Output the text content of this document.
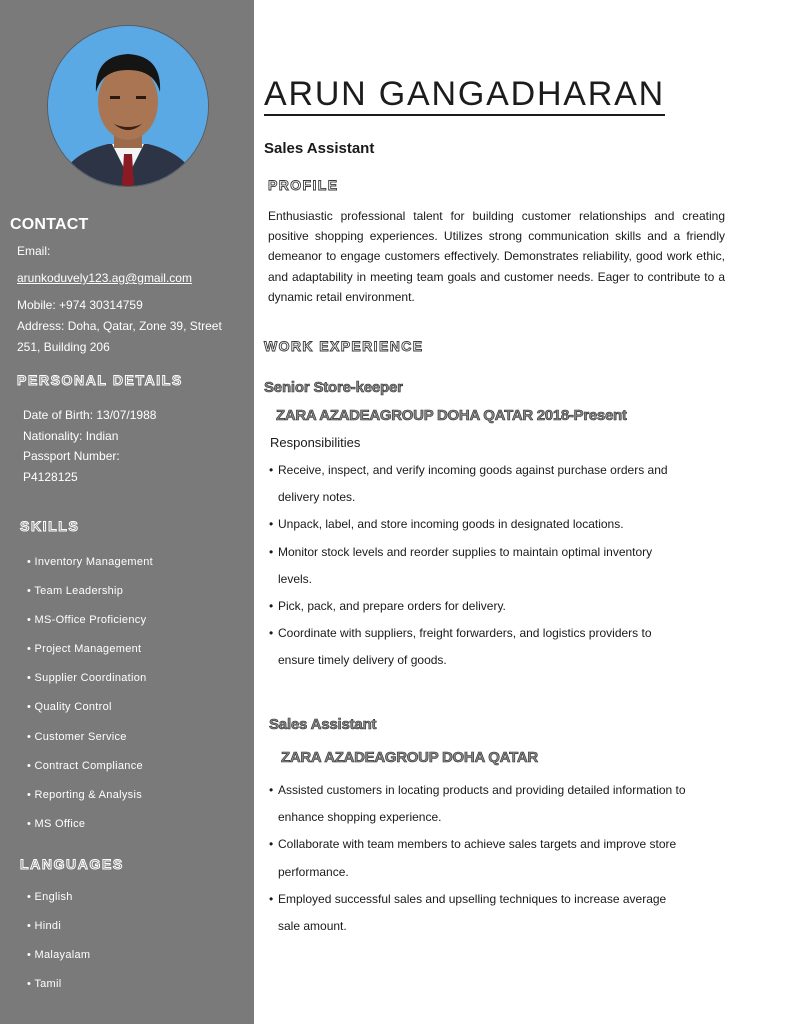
CONTACT
Email:
arunkoduvely123.ag@gmail.com
Mobile: +974 30314759
Address: Doha, Qatar, Zone 39, Street
251, Building 206
PERSONAL DETAILS
Date of Birth: 13/07/1988
Nationality: Indian
Passport Number:
P4128125
SKILLS
• Inventory Management
• Team Leadership
• MS-Office Proficiency
• Project Management
• Supplier Coordination
• Quality Control
• Customer Service
• Contract Compliance
• Reporting & Analysis
• MS Office
LANGUAGES
• English
• Hindi
• Malayalam
• Tamil
ARUN GANGADHARAN
Sales Assistant
PROFILE
Enthusiastic professional talent for building customer relationships and creating positive shopping experiences. Utilizes strong communication skills and a friendly demeanor to engage customers effectively. Demonstrates reliability, good work ethic, and adaptability in meeting team goals and customer needs. Eager to contribute to a dynamic retail environment.
WORK EXPERIENCE
Senior Store-keeper
ZARA AZADEAGROUP DOHA QATAR 2018-Present
Responsibilities
• Receive, inspect, and verify incoming goods against purchase orders and delivery notes.
• Unpack, label, and store incoming goods in designated locations.
• Monitor stock levels and reorder supplies to maintain optimal inventory levels.
• Pick, pack, and prepare orders for delivery.
• Coordinate with suppliers, freight forwarders, and logistics providers to ensure timely delivery of goods.
Sales Assistant
ZARA AZADEAGROUP DOHA QATAR
• Assisted customers in locating products and providing detailed information to enhance shopping experience.
• Collaborate with team members to achieve sales targets and improve store performance.
• Employed successful sales and upselling techniques to increase average sale amount.
